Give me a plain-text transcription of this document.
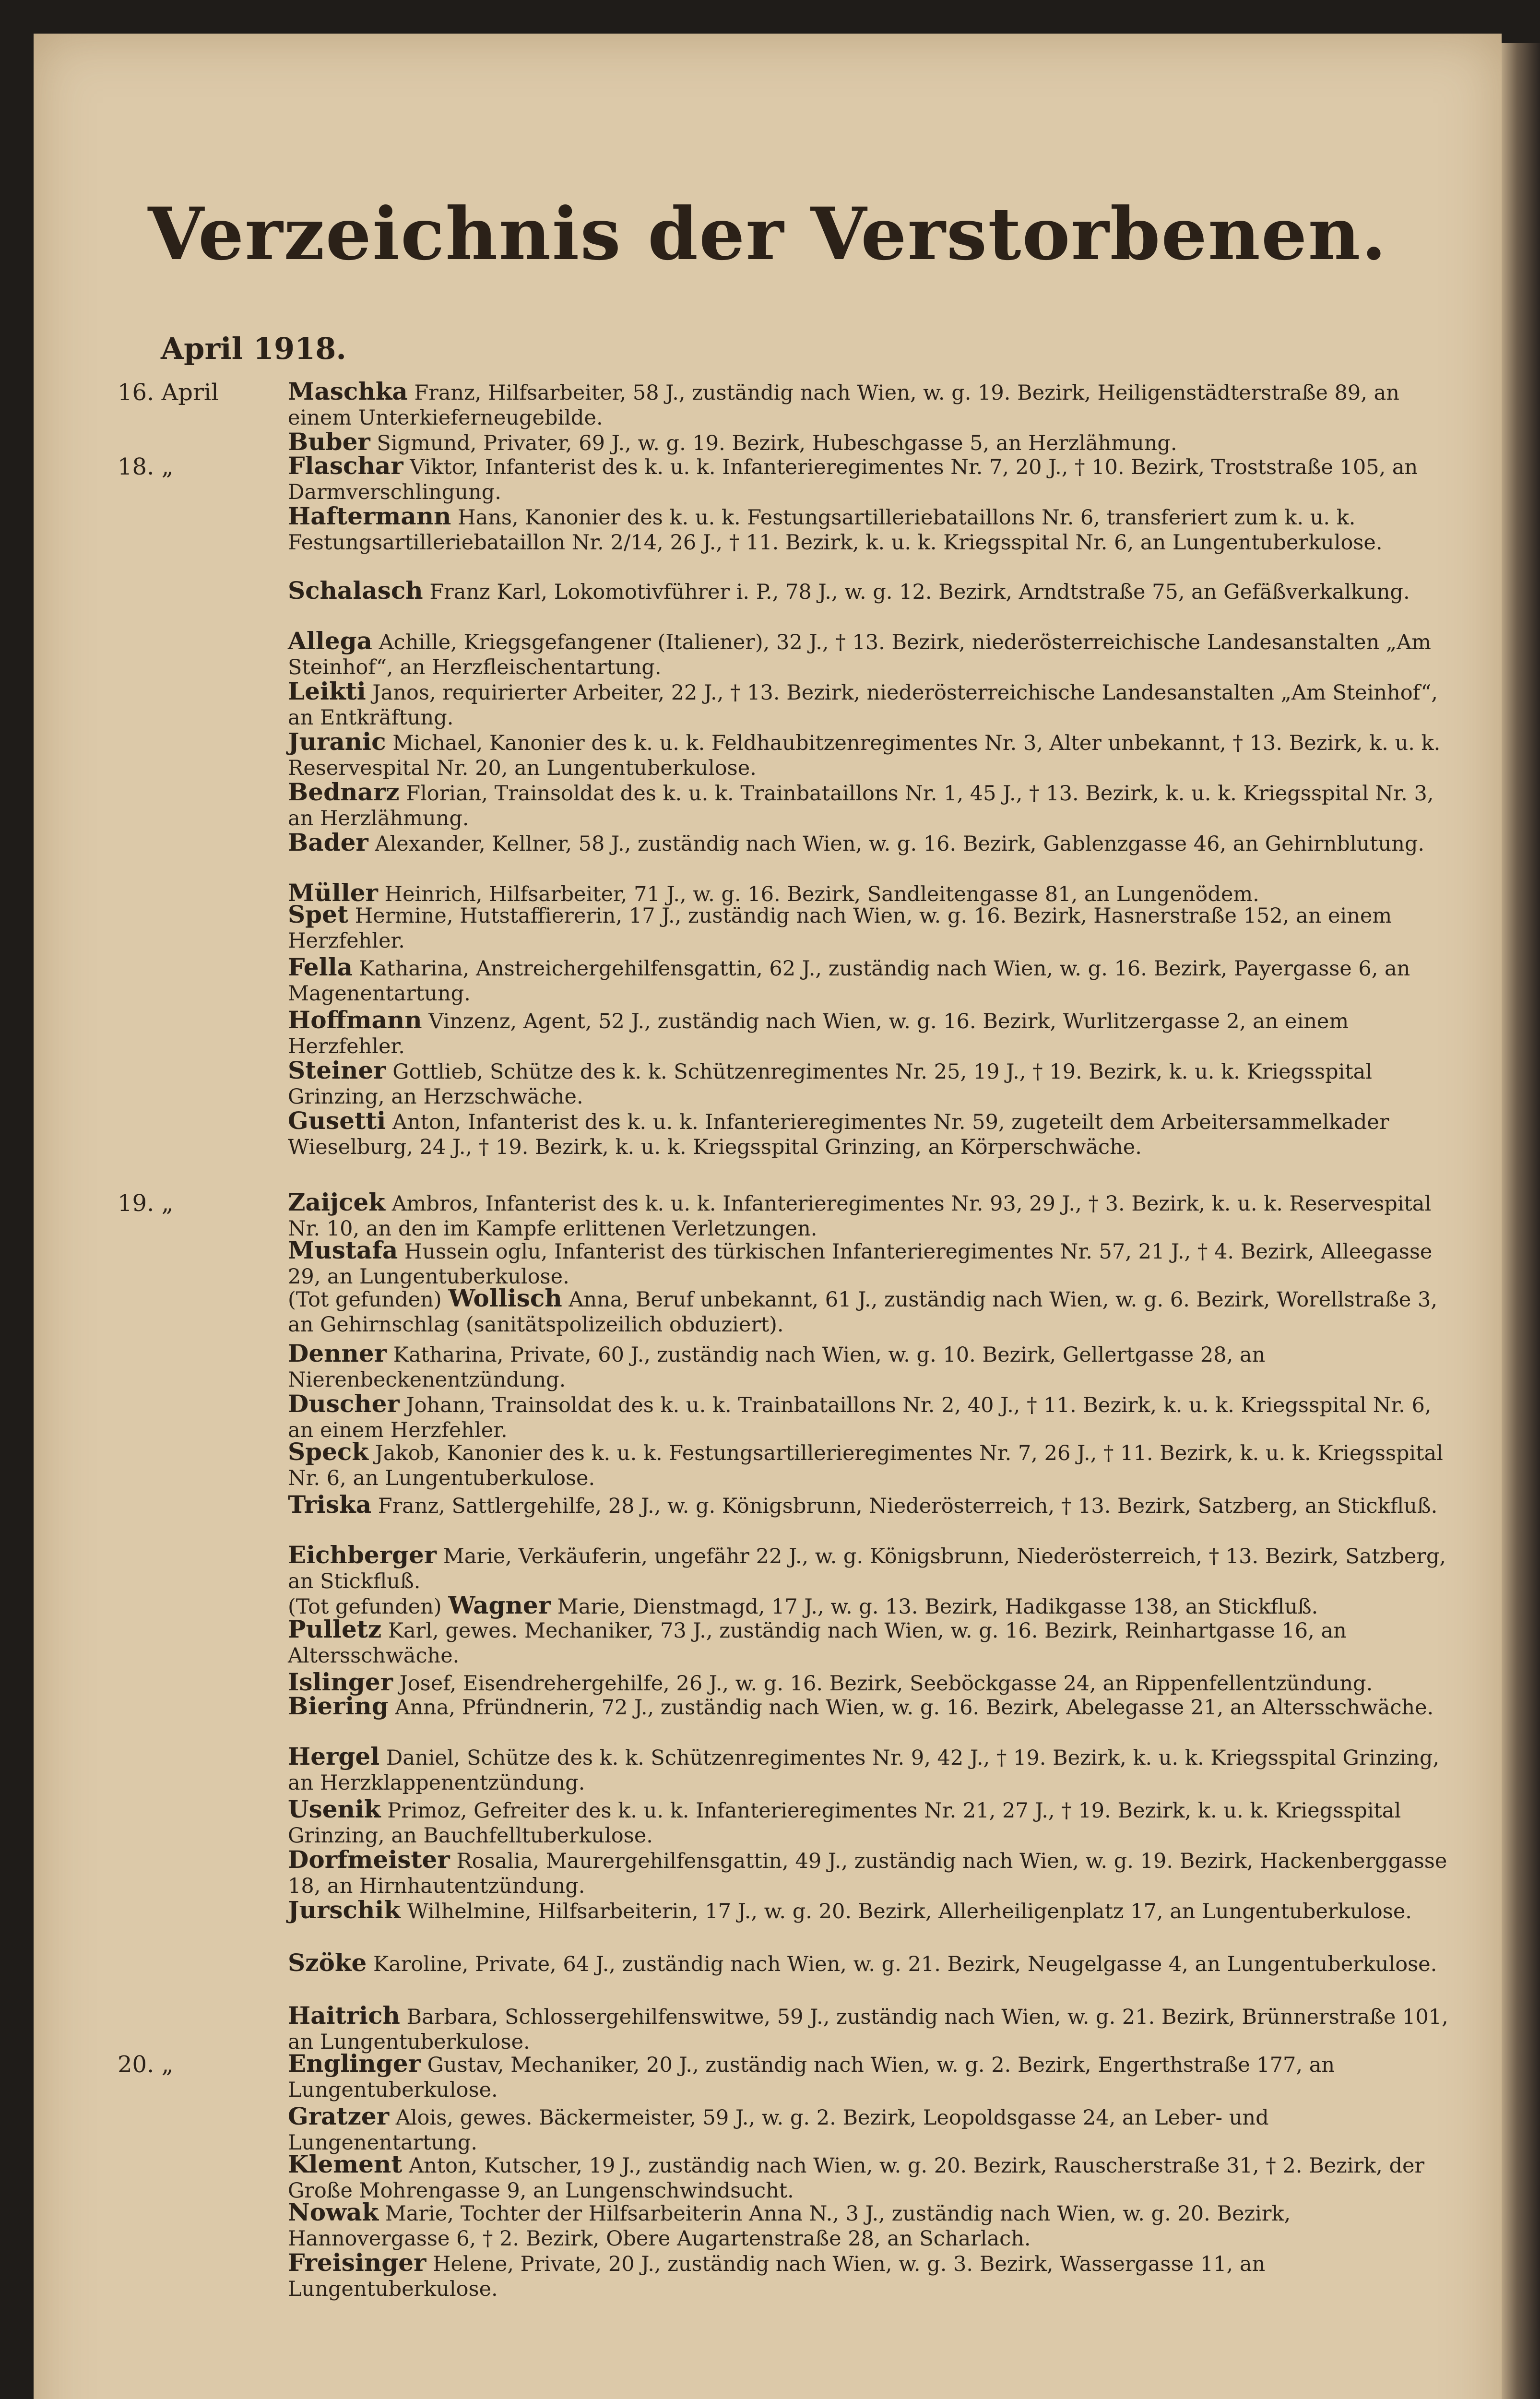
Verzeichnis der Verstorbenen.
April 1918.
16. April	Maschka Franz, Hilfsarbeiter, 58 J., zuständig nach Wien, w. g. 19. Bezirk, Heiligenstädterstraße 89, an einem Unterkieferneugebilde.
Buber Sigmund, Privater, 69 J., w. g. 19. Bezirk, Hubeschgasse 5, an Herzlähmung.
18. „	Flaschar Viktor, Infanterist des k. u. k. Infanterieregimentes Nr. 7, 20 J., † 10. Bezirk, Troststraße 105, an Darmverschlingung.
Haftermann Hans, Kanonier des k. u. k. Festungsartilleriebataillons Nr. 6, transferiert zum k. u. k. Festungsartilleriebataillon Nr. 2/14, 26 J., † 11. Bezirk, k. u. k. Kriegsspital Nr. 6, an Lungentuberkulose.
Schalasch Franz Karl, Lokomotivführer i. P., 78 J., w. g. 12. Bezirk, Arndtstraße 75, an Gefäßverkalkung.
Allega Achille, Kriegsgefangener (Italiener), 32 J., † 13. Bezirk, niederösterreichische Landesanstalten „Am Steinhof“, an Herzfleischentartung.
Leikti Janos, requirierter Arbeiter, 22 J., † 13. Bezirk, niederösterreichische Landesanstalten „Am Steinhof“, an Entkräftung.
Juranic Michael, Kanonier des k. u. k. Feldhaubitzenregimentes Nr. 3, Alter unbekannt, † 13. Bezirk, k. u. k. Reservespital Nr. 20, an Lungentuberkulose.
Bednarz Florian, Trainsoldat des k. u. k. Trainbataillons Nr. 1, 45 J., † 13. Bezirk, k. u. k. Kriegsspital Nr. 3, an Herzlähmung.
Bader Alexander, Kellner, 58 J., zuständig nach Wien, w. g. 16. Bezirk, Gablenzgasse 46, an Gehirnblutung.
Müller Heinrich, Hilfsarbeiter, 71 J., w. g. 16. Bezirk, Sandleitengasse 81, an Lungenödem.
Spet Hermine, Hutstaffiererin, 17 J., zuständig nach Wien, w. g. 16. Bezirk, Hasnerstraße 152, an einem Herzfehler.
Fella Katharina, Anstreichergehilfensgattin, 62 J., zuständig nach Wien, w. g. 16. Bezirk, Payergasse 6, an Magenentartung.
Hoffmann Vinzenz, Agent, 52 J., zuständig nach Wien, w. g. 16. Bezirk, Wurlitzergasse 2, an einem Herzfehler.
Steiner Gottlieb, Schütze des k. k. Schützenregimentes Nr. 25, 19 J., † 19. Bezirk, k. u. k. Kriegsspital Grinzing, an Herzschwäche.
Gusetti Anton, Infanterist des k. u. k. Infanterieregimentes Nr. 59, zugeteilt dem Arbeitersammelkader Wieselburg, 24 J., † 19. Bezirk, k. u. k. Kriegsspital Grinzing, an Körperschwäche.
19. „	Zaijcek Ambros, Infanterist des k. u. k. Infanterieregimentes Nr. 93, 29 J., † 3. Bezirk, k. u. k. Reservespital Nr. 10, an den im Kampfe erlittenen Verletzungen.
Mustafa Hussein oglu, Infanterist des türkischen Infanterieregimentes Nr. 57, 21 J., † 4. Bezirk, Alleegasse 29, an Lungentuberkulose.
(Tot gefunden) Wollisch Anna, Beruf unbekannt, 61 J., zuständig nach Wien, w. g. 6. Bezirk, Worellstraße 3, an Gehirnschlag (sanitätspolizeilich obduziert).
Denner Katharina, Private, 60 J., zuständig nach Wien, w. g. 10. Bezirk, Gellertgasse 28, an Nierenbeckenentzündung.
Duscher Johann, Trainsoldat des k. u. k. Trainbataillons Nr. 2, 40 J., † 11. Bezirk, k. u. k. Kriegsspital Nr. 6, an einem Herzfehler.
Speck Jakob, Kanonier des k. u. k. Festungsartillerieregimentes Nr. 7, 26 J., † 11. Bezirk, k. u. k. Kriegsspital Nr. 6, an Lungentuberkulose.
Triska Franz, Sattlergehilfe, 28 J., w. g. Königsbrunn, Niederösterreich, † 13. Bezirk, Satzberg, an Stickfluß.
Eichberger Marie, Verkäuferin, ungefähr 22 J., w. g. Königsbrunn, Niederösterreich, † 13. Bezirk, Satzberg, an Stickfluß.
(Tot gefunden) Wagner Marie, Dienstmagd, 17 J., w. g. 13. Bezirk, Hadikgasse 138, an Stickfluß.
Pulletz Karl, gewes. Mechaniker, 73 J., zuständig nach Wien, w. g. 16. Bezirk, Reinhartgasse 16, an Altersschwäche.
Islinger Josef, Eisendrehergehilfe, 26 J., w. g. 16. Bezirk, Seeböckgasse 24, an Rippenfellentzündung.
Biering Anna, Pfründnerin, 72 J., zuständig nach Wien, w. g. 16. Bezirk, Abelegasse 21, an Altersschwäche.
Hergel Daniel, Schütze des k. k. Schützenregimentes Nr. 9, 42 J., † 19. Bezirk, k. u. k. Kriegsspital Grinzing, an Herzklappenentzündung.
Usenik Primoz, Gefreiter des k. u. k. Infanterieregimentes Nr. 21, 27 J., † 19. Bezirk, k. u. k. Kriegsspital Grinzing, an Bauchfelltuberkulose.
Dorfmeister Rosalia, Maurergehilfensgattin, 49 J., zuständig nach Wien, w. g. 19. Bezirk, Hackenberggasse 18, an Hirnhautentzündung.
Jurschik Wilhelmine, Hilfsarbeiterin, 17 J., w. g. 20. Bezirk, Allerheiligenplatz 17, an Lungentuberkulose.
Szöke Karoline, Private, 64 J., zuständig nach Wien, w. g. 21. Bezirk, Neugelgasse 4, an Lungentuberkulose.
Haitrich Barbara, Schlossergehilfenswitwe, 59 J., zuständig nach Wien, w. g. 21. Bezirk, Brünnerstraße 101, an Lungentuberkulose.
20. „	Englinger Gustav, Mechaniker, 20 J., zuständig nach Wien, w. g. 2. Bezirk, Engerthstraße 177, an Lungentuberkulose.
Gratzer Alois, gewes. Bäckermeister, 59 J., w. g. 2. Bezirk, Leopoldsgasse 24, an Leber- und Lungenentartung.
Klement Anton, Kutscher, 19 J., zuständig nach Wien, w. g. 20. Bezirk, Rauscherstraße 31, † 2. Bezirk, der Große Mohrengasse 9, an Lungenschwindsucht.
Nowak Marie, Tochter der Hilfsarbeiterin Anna N., 3 J., zuständig nach Wien, w. g. 20. Bezirk, Hannovergasse 6, † 2. Bezirk, Obere Augartenstraße 28, an Scharlach.
Freisinger Helene, Private, 20 J., zuständig nach Wien, w. g. 3. Bezirk, Wassergasse 11, an Lungentuberkulose.
